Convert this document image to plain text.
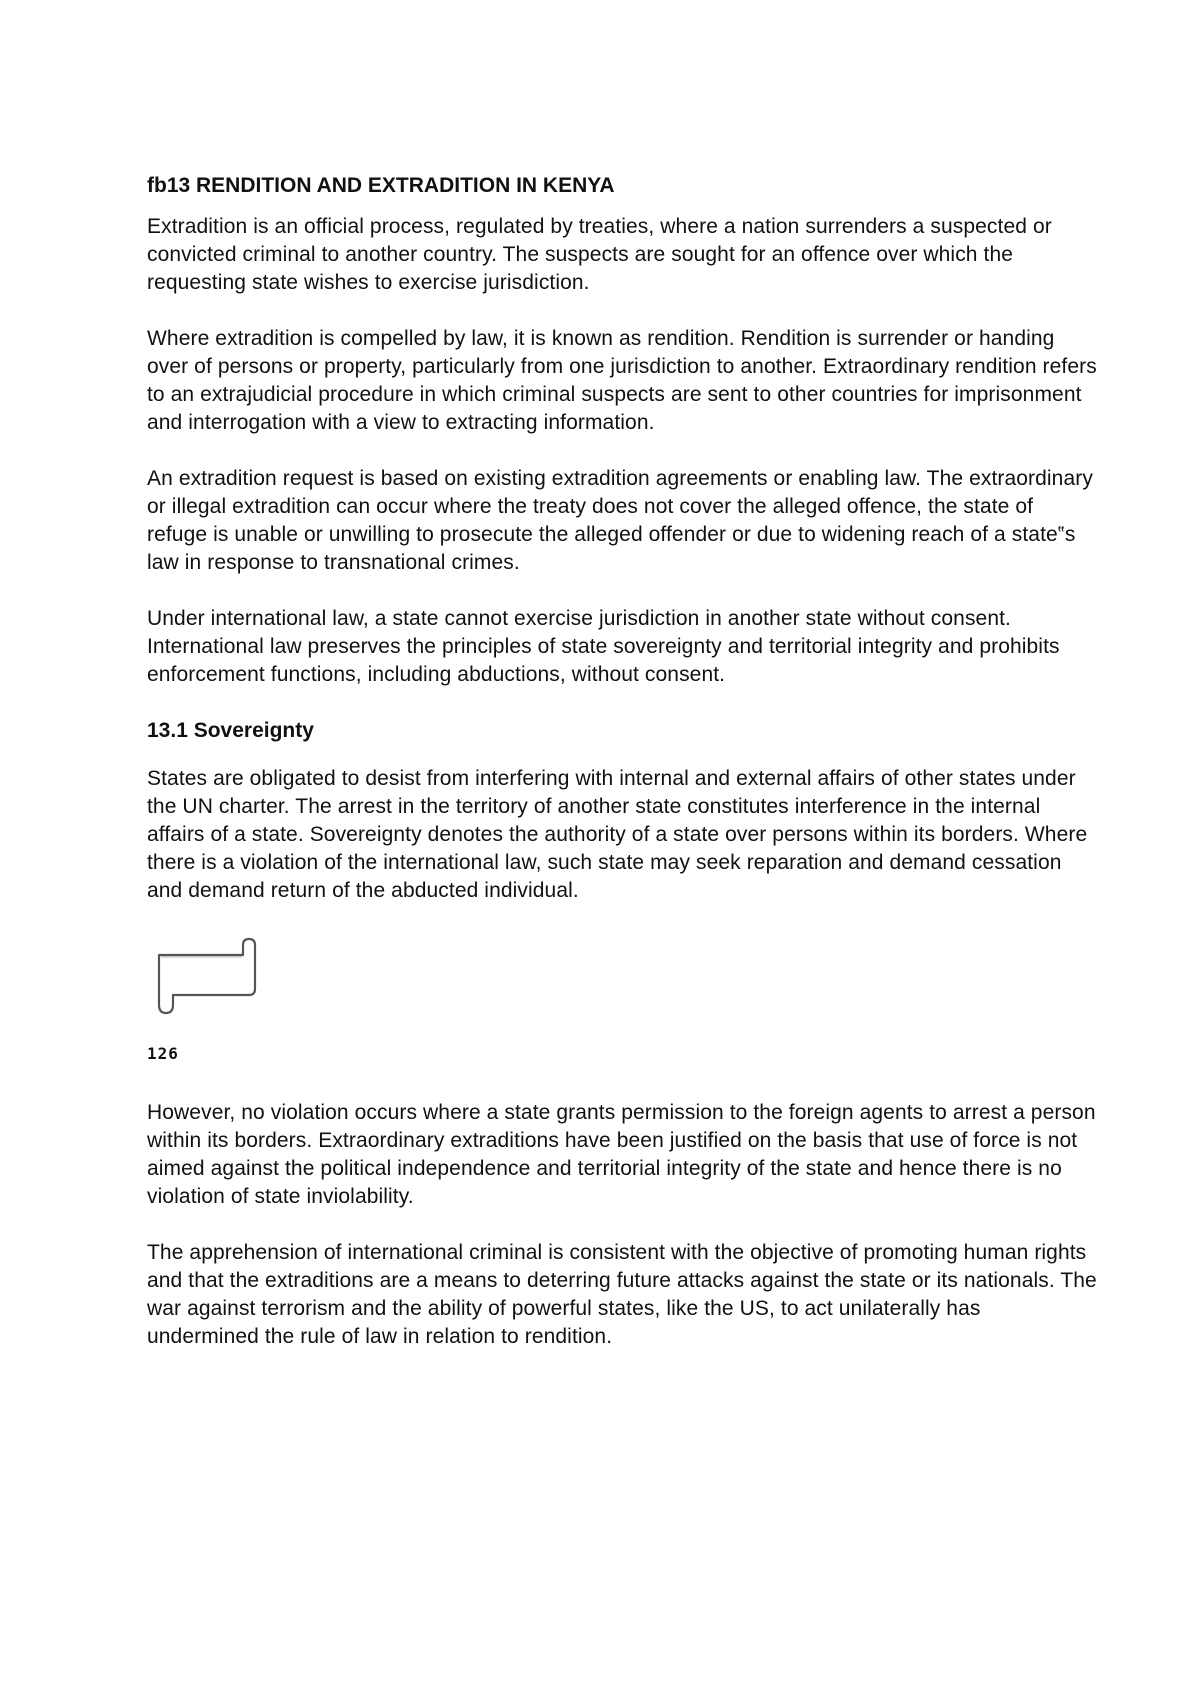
fb13 RENDITION AND EXTRADITION IN KENYA

Extradition is an official process, regulated by treaties, where a nation surrenders a suspected or convicted criminal to another country. The suspects are sought for an offence over which the requesting state wishes to exercise jurisdiction.

Where extradition is compelled by law, it is known as rendition. Rendition is surrender or handing over of persons or property, particularly from one jurisdiction to another. Extraordinary rendition refers to an extrajudicial procedure in which criminal suspects are sent to other countries for imprisonment and interrogation with a view to extracting information.

An extradition request is based on existing extradition agreements or enabling law. The extraordinary or illegal extradition can occur where the treaty does not cover the alleged offence, the state of refuge is unable or unwilling to prosecute the alleged offender or due to widening reach of a state‟s law in response to transnational crimes.

Under international law, a state cannot exercise jurisdiction in another state without consent. International law preserves the principles of state sovereignty and territorial integrity and prohibits enforcement functions, including abductions, without consent.

13.1 Sovereignty

States are obligated to desist from interfering with internal and external affairs of other states under the UN charter. The arrest in the territory of another state constitutes interference in the internal affairs of a state. Sovereignty denotes the authority of a state over persons within its borders. Where there is a violation of the international law, such state may seek reparation and demand cessation and demand return of the abducted individual.

126

However, no violation occurs where a state grants permission to the foreign agents to arrest a person within its borders. Extraordinary extraditions have been justified on the basis that use of force is not aimed against the political independence and territorial integrity of the state and hence there is no violation of state inviolability.

The apprehension of international criminal is consistent with the objective of promoting human rights and that the extraditions are a means to deterring future attacks against the state or its nationals. The war against terrorism and the ability of powerful states, like the US, to act unilaterally has undermined the rule of law in relation to rendition.
